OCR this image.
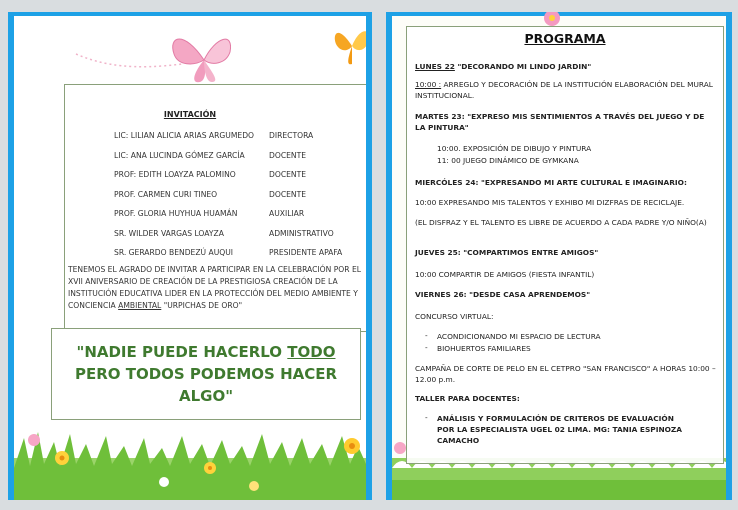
INVITACIÓN
LIC: LILIAN ALICIA ARIAS ARGUMEDO	DIRECTORA
LIC: ANA LUCINDA GÓMEZ GARCÍA	DOCENTE
PROF: EDITH LOAYZA PALOMINO	DOCENTE
PROF. CARMEN CURI TINEO	DOCENTE
PROF. GLORIA HUYHUA HUAMÁN	AUXILIAR
SR. WILDER VARGAS LOAYZA	ADMINISTRATIVO
SR. GERARDO BENDEZÚ AUQUI	PRESIDENTE APAFA
TENEMOS EL AGRADO DE INVITAR A PARTICIPAR EN LA CELEBRACIÓN POR EL XVII ANIVERSARIO DE CREACIÓN DE LA PRESTIGIOSA CREACIÓN DE LA INSTITUCIÓN EDUCATIVA LIDER EN LA PROTECCIÓN DEL MEDIO AMBIENTE Y CONCIENCIA AMBIENTAL "URPICHAS DE ORO"
"NADIE PUEDE HACERLO TODO
PERO TODOS PODEMOS HACER
ALGO"
PROGRAMA
LUNES 22 "DECORANDO MI LINDO JARDIN"
10:00 : ARREGLO Y DECORACIÓN DE LA INSTITUCIÓN ELABORACIÓN DEL MURAL INSTITUCIONAL.
MARTES 23: "EXPRESO MIS SENTIMIENTOS A TRAVÉS DEL JUEGO Y DE LA PINTURA"
10:00. EXPOSICIÓN DE DIBUJO Y PINTURA
11: 00 JUEGO DINÁMICO DE GYMKANA
MIERCÓLES 24: "EXPRESANDO MI ARTE CULTURAL E IMAGINARIO:
10:00 EXPRESANDO MIS TALENTOS Y EXHIBO MI DIZFRAS DE RECICLAJE.
(EL DISFRAZ Y EL TALENTO ES LIBRE DE ACUERDO A CADA PADRE Y/O NIÑO(A)
JUEVES 25: "COMPARTIMOS ENTRE AMIGOS"
10:00 COMPARTIR DE AMIGOS (FIESTA INFANTIL)
VIERNES 26: "DESDE CASA APRENDEMOS"
CONCURSO VIRTUAL:
- ACONDICIONANDO MI ESPACIO DE LECTURA
- BIOHUERTOS FAMILIARES
CAMPAÑA DE CORTE DE PELO EN EL CETPRO "SAN FRANCISCO" A HORAS 10:00 – 12.00 p.m.
TALLER PARA DOCENTES:
- ANÁLISIS Y FORMULACIÓN DE CRITEROS DE EVALUACIÓN POR LA ESPECIALISTA UGEL 02 LIMA. MG: TANIA ESPINOZA CAMACHO
